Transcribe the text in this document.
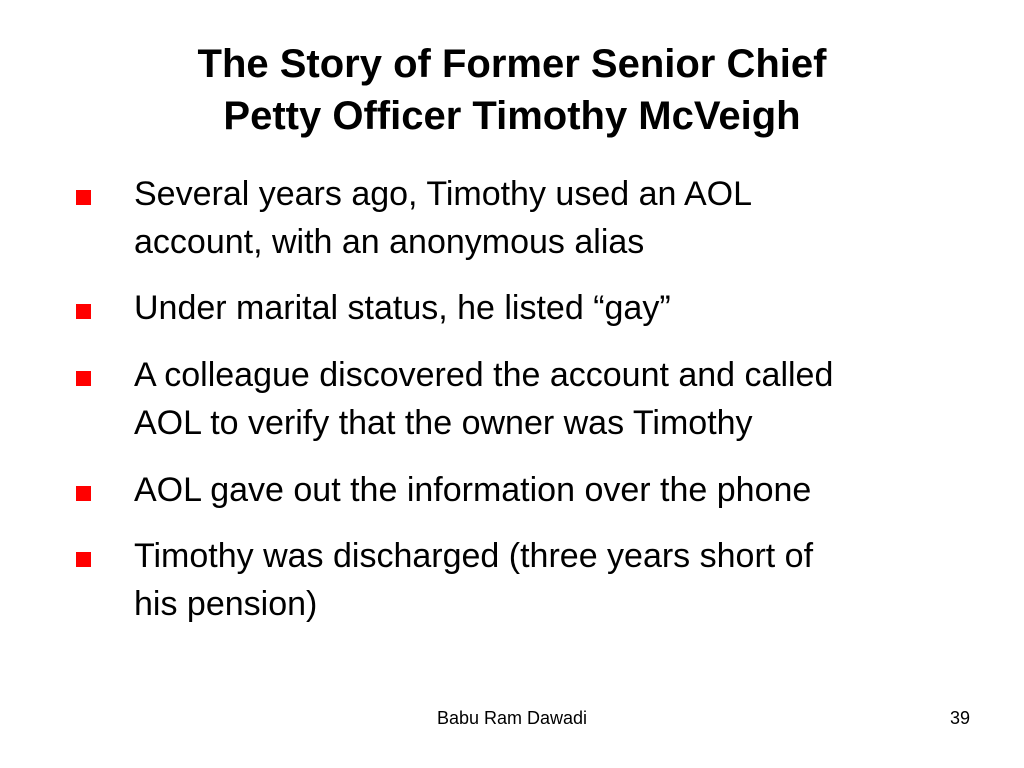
The Story of Former Senior Chief
Petty Officer Timothy McVeigh
Several years ago, Timothy used an AOL
account, with an anonymous alias
Under marital status, he listed “gay”
A colleague discovered the account and called
AOL to verify that the owner was Timothy
AOL gave out the information over the phone
Timothy was discharged (three years short of
his pension)
Babu Ram Dawadi	39
